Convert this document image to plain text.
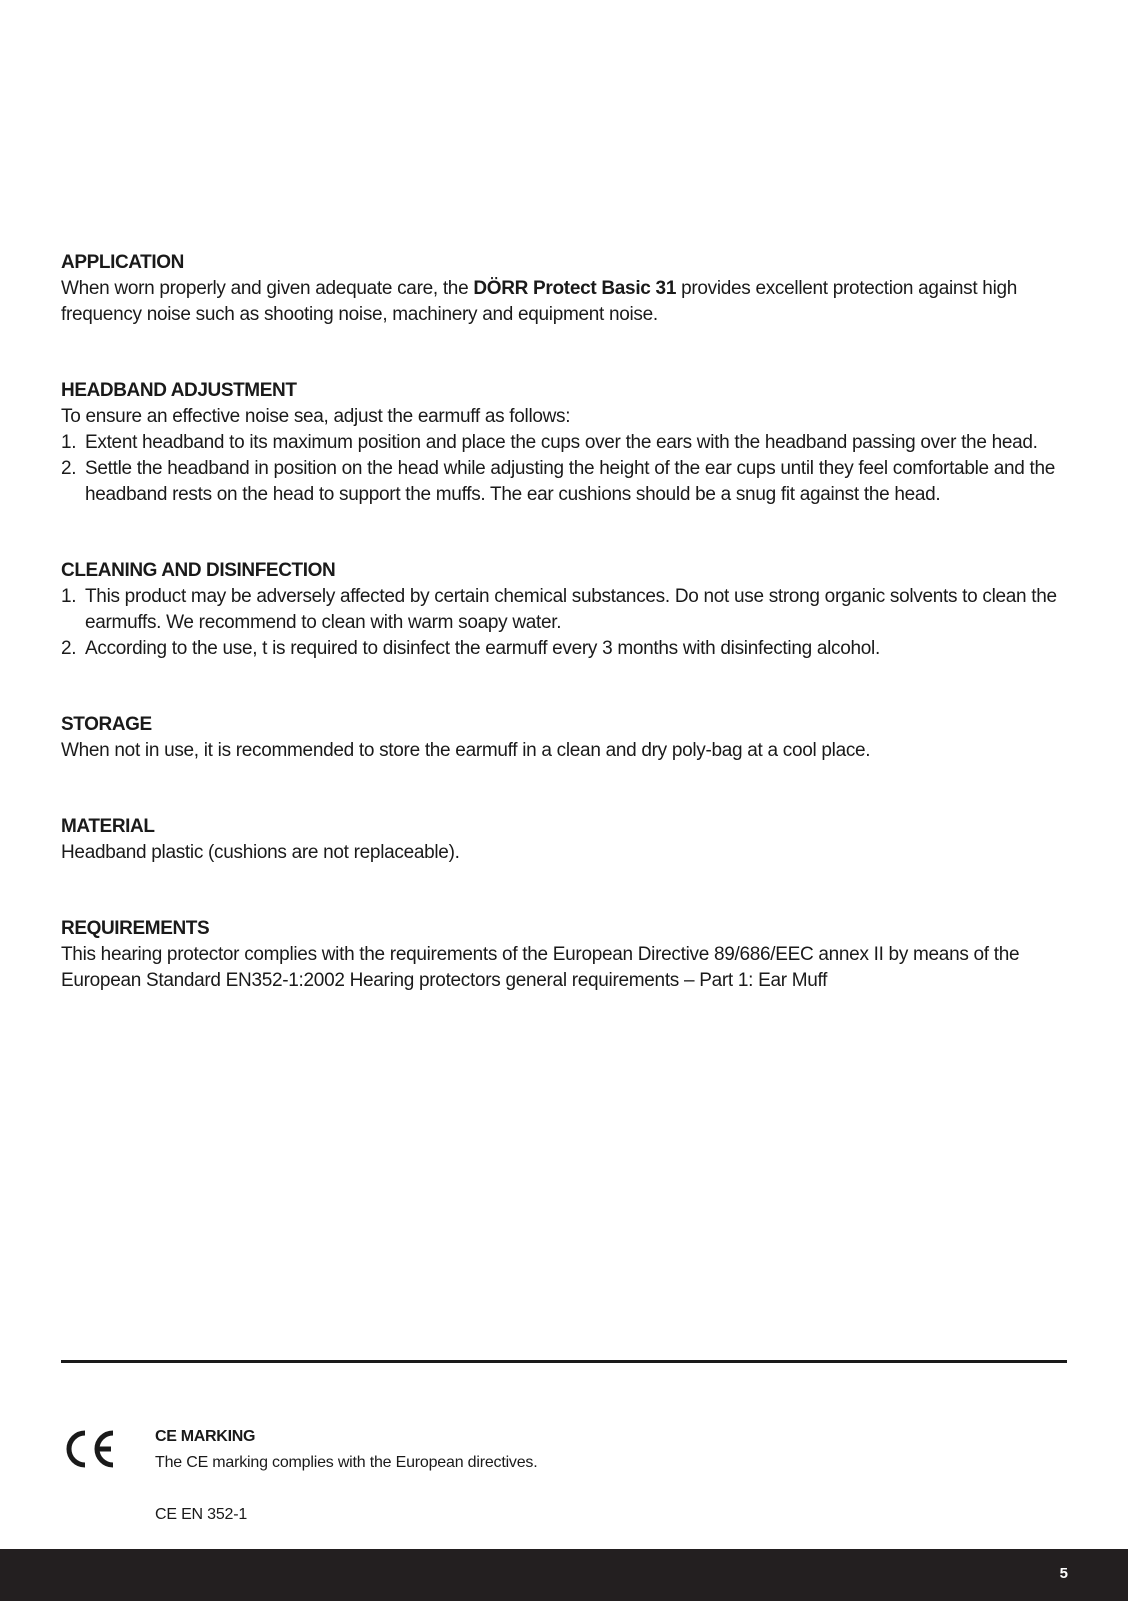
APPLICATION

When worn properly and given adequate care, the DÖRR Protect Basic 31 provides excellent protection against high frequency noise such as shooting noise, machinery and equipment noise.

HEADBAND ADJUSTMENT

To ensure an effective noise sea, adjust the earmuff as follows:

1. Extent headband to its maximum position and place the cups over the ears with the headband passing over the head.
2. Settle the headband in position on the head while adjusting the height of the ear cups until they feel comfortable and the headband rests on the head to support the muffs. The ear cushions should be a snug fit against the head.

CLEANING AND DISINFECTION

1. This product may be adversely affected by certain chemical substances. Do not use strong organic solvents to clean the earmuffs. We recommend to clean with warm soapy water.
2. According to the use, t is required to disinfect the earmuff every 3 months with disinfecting alcohol.

STORAGE

When not in use, it is recommended to store the earmuff in a clean and dry poly-bag at a cool place.

MATERIAL

Headband plastic (cushions are not replaceable).

REQUIREMENTS

This hearing protector complies with the requirements of the European Directive 89/686/EEC annex II by means of the European Standard EN352-1:2002 Hearing protectors general requirements – Part 1: Ear Muff

CE MARKING

The CE marking complies with the European directives.

CE EN 352-1

5
